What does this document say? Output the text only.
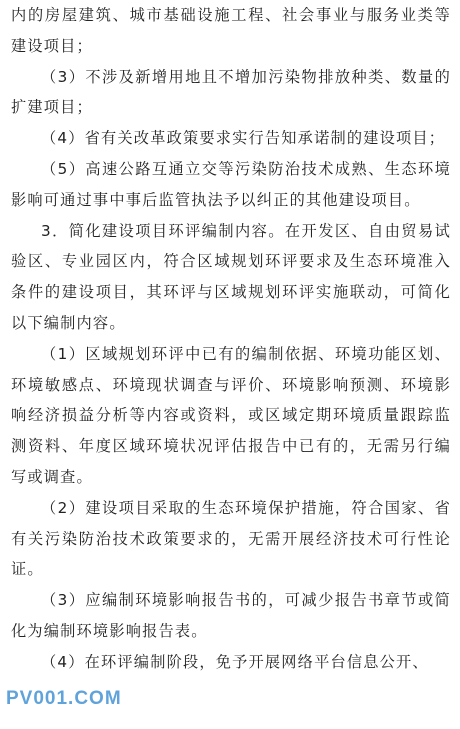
内的房屋建筑、城市基础设施工程、社会事业与服务业类等建设项目；

（3）不涉及新增用地且不增加污染物排放种类、数量的扩建项目；

（4）省有关改革政策要求实行告知承诺制的建设项目；

（5）高速公路互通立交等污染防治技术成熟、生态环境影响可通过事中事后监管执法予以纠正的其他建设项目。

3．简化建设项目环评编制内容。在开发区、自由贸易试验区、专业园区内，符合区域规划环评要求及生态环境准入条件的建设项目，其环评与区域规划环评实施联动，可简化以下编制内容。

（1）区域规划环评中已有的编制依据、环境功能区划、环境敏感点、环境现状调查与评价、环境影响预测、环境影响经济损益分析等内容或资料，或区域定期环境质量跟踪监测资料、年度区域环境状况评估报告中已有的，无需另行编写或调查。

（2）建设项目采取的生态环境保护措施，符合国家、省有关污染防治技术政策要求的，无需开展经济技术可行性论证。

（3）应编制环境影响报告书的，可减少报告书章节或简化为编制环境影响报告表。

（4）在环评编制阶段，免予开展网络平台信息公开、

PV001.COM
